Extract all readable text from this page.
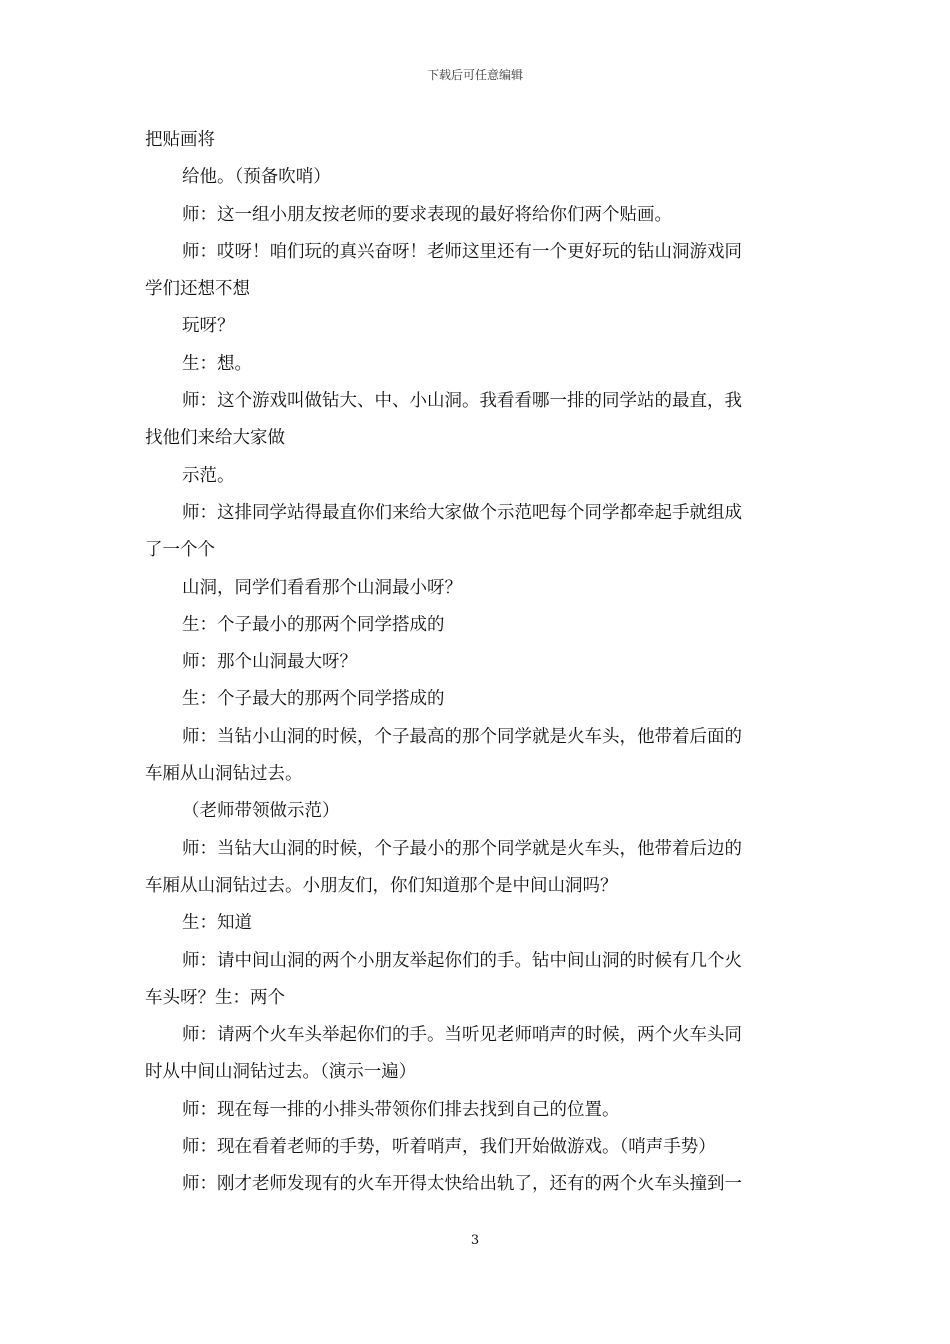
下载后可任意编辑
把贴画将
给他。（预备吹哨）
师：这一组小朋友按老师的要求表现的最好将给你们两个贴画。
师：哎呀！咱们玩的真兴奋呀！老师这里还有一个更好玩的钻山洞游戏同
学们还想不想
玩呀？
生：想。
师：这个游戏叫做钻大、中、小山洞。我看看哪一排的同学站的最直，我
找他们来给大家做
示范。
师：这排同学站得最直你们来给大家做个示范吧每个同学都牵起手就组成
了一个个
山洞，同学们看看那个山洞最小呀？
生：个子最小的那两个同学搭成的
师：那个山洞最大呀？
生：个子最大的那两个同学搭成的
师：当钻小山洞的时候，个子最高的那个同学就是火车头，他带着后面的
车厢从山洞钻过去。
（老师带领做示范）
师：当钻大山洞的时候，个子最小的那个同学就是火车头，他带着后边的
车厢从山洞钻过去。小朋友们，你们知道那个是中间山洞吗？
生：知道
师：请中间山洞的两个小朋友举起你们的手。钻中间山洞的时候有几个火
车头呀？生：两个
师：请两个火车头举起你们的手。当听见老师哨声的时候，两个火车头同
时从中间山洞钻过去。（演示一遍）
师：现在每一排的小排头带领你们排去找到自己的位置。
师：现在看着老师的手势，听着哨声，我们开始做游戏。（哨声手势）
师：刚才老师发现有的火车开得太快给出轨了，还有的两个火车头撞到一
3
